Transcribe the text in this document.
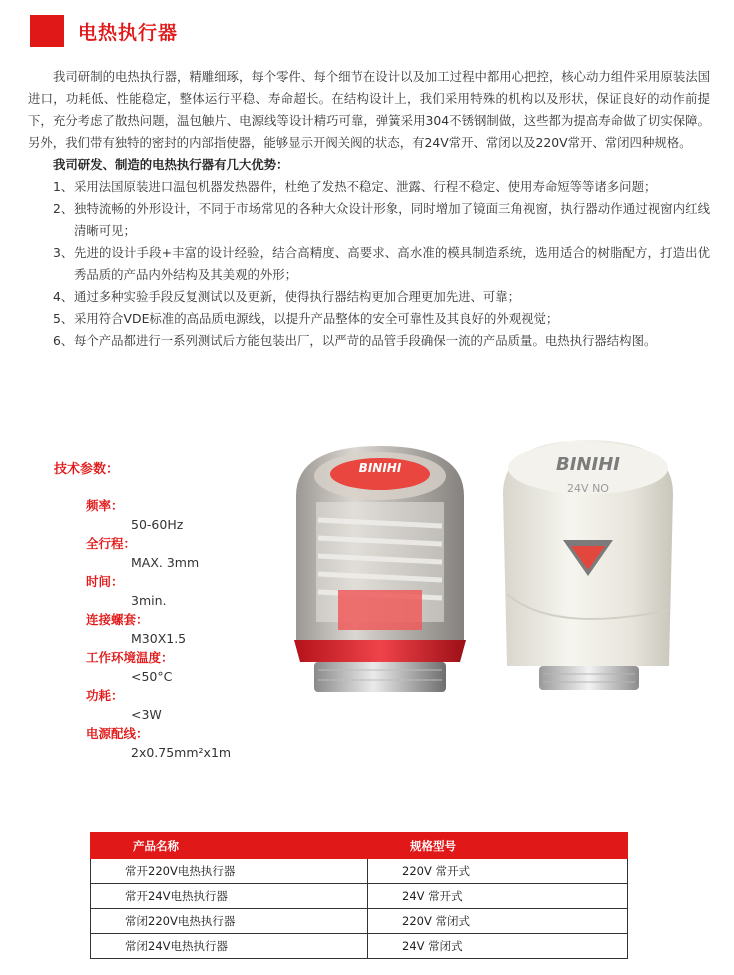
电热执行器

我司研制的电热执行器，精雕细琢，每个零件、每个细节在设计以及加工过程中都用心把控，核心动力组件采用原装法国进口，功耗低、性能稳定，整体运行平稳、寿命超长。在结构设计上，我们采用特殊的机构以及形状，保证良好的动作前提下，充分考虑了散热问题，温包触片、电源线等设计精巧可靠，弹簧采用304不锈钢制做，这些都为提高寿命做了切实保障。另外，我们带有独特的密封的内部指使器，能够显示开阀关阀的状态，有24V常开、常闭以及220V常开、常闭四种规格。

我司研发、制造的电热执行器有几大优势：

1、 采用法国原装进口温包机器发热器件，杜绝了发热不稳定、泄露、行程不稳定、使用寿命短等等诸多问题；
2、 独特流畅的外形设计，不同于市场常见的各种大众设计形象，同时增加了镜面三角视窗，执行器动作通过视窗内红线清晰可见；
3、 先进的设计手段+丰富的设计经验，结合高精度、高要求、高水准的模具制造系统，选用适合的树脂配方，打造出优秀品质的产品内外结构及其美观的外形；
4、 通过多种实验手段反复测试以及更新，使得执行器结构更加合理更加先进、可靠；
5、 采用符合VDE标准的高品质电源线，以提升产品整体的安全可靠性及其良好的外观视觉；
6、 每个产品都进行一系列测试后方能包装出厂，以严苛的品管手段确保一流的产品质量。电热执行器结构图。
技术参数：
频率：
50-60Hz
全行程：
MAX. 3mm
时间：
3min.
连接螺套：
M30X1.5
工作环境温度：
<50°C
功耗：
<3W
电源配线：
2x0.75mm²x1m
BINIHI	BINIHI
24V NO
产品名称	规格型号
常开220V电热执行器	220V 常开式
常开24V电热执行器	24V 常开式
常闭220V电热执行器	220V 常闭式
常闭24V电热执行器	24V 常闭式
